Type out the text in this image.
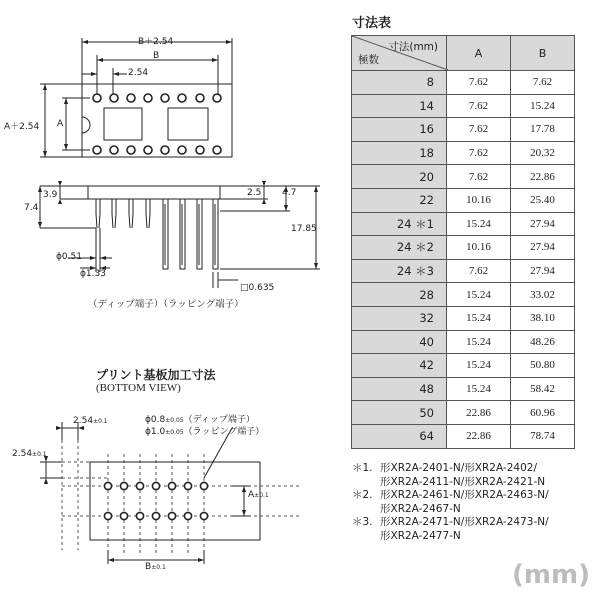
B＋2.54
B
2.54
A＋2.54 A
3.9
7.4
2.5 4.7
17.85
ϕ0.51
ϕ1.33
□0.635
（ディップ端子）（ラッピング端子）
プリント基板加工寸法
(BOTTOM VIEW)
2.54±0.1
2.54±0.1
ϕ0.8±0.05（ディップ端子）
ϕ1.0±0.05（ラッピング端子）
A±0.1
B±0.1
寸法表
寸法(mm)
極数	A	B
8	7.62	7.62
14	7.62	15.24
16	7.62	17.78
18	7.62	20.32
20	7.62	22.86
22	10.16	25.40
24 ＊1	15.24	27.94
24 ＊2	10.16	27.94
24 ＊3	7.62	27.94
28	15.24	33.02
32	15.24	38.10
40	15.24	48.26
42	15.24	50.80
48	15.24	58.42
50	22.86	60.96
64	22.86	78.74
＊1. 形XR2A-2401-N/形XR2A-2402/
形XR2A-2411-N/形XR2A-2421-N
＊2. 形XR2A-2461-N/形XR2A-2463-N/
形XR2A-2467-N
＊3. 形XR2A-2471-N/形XR2A-2473-N/
形XR2A-2477-N
(mm)
